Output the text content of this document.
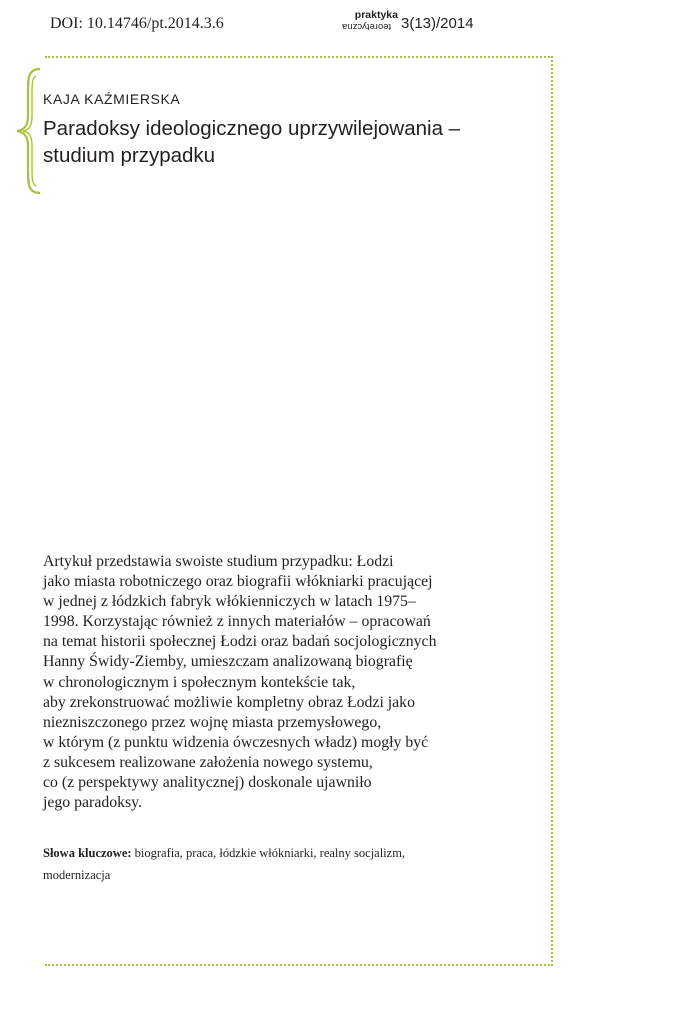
DOI: 10.14746/pt.2014.3.6	praktyka
teoretyczna 3(13)/2014
KAJA KAŹMIERSKA
Paradoksy ideologicznego uprzywilejowania –
studium przypadku
Artykuł przedstawia swoiste studium przypadku: Łodzi
jako miasta robotniczego oraz biografii włókniarki pracującej
w jednej z łódzkich fabryk włókienniczych w latach 1975–
1998. Korzystając również z innych materiałów – opracowań
na temat historii społecznej Łodzi oraz badań socjologicznych
Hanny Świdy-Ziemby, umieszczam analizowaną biografię
w chronologicznym i społecznym kontekście tak,
aby zrekonstruować możliwie kompletny obraz Łodzi jako
niezniszczonego przez wojnę miasta przemysłowego,
w którym (z punktu widzenia ówczesnych władz) mogły być
z sukcesem realizowane założenia nowego systemu,
co (z perspektywy analitycznej) doskonale ujawniło
jego paradoksy.
Słowa kluczowe: biografia, praca, łódzkie włókniarki, realny socjalizm,
modernizacja
